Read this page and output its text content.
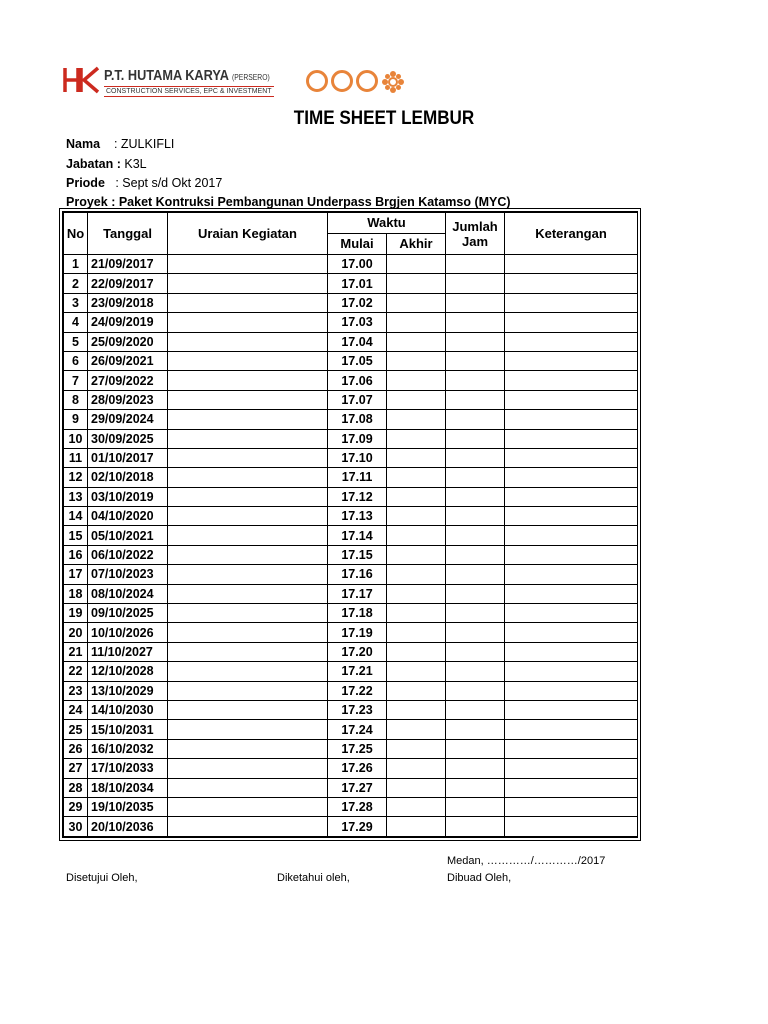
P.T. HUTAMA KARYA (PERSERO)
CONSTRUCTION SERVICES, EPC & INVESTMENT
TIME SHEET LEMBUR
Nama : ZULKIFLI
Jabatan : K3L
Priode : Sept s/d Okt 2017
Proyek : Paket Kontruksi Pembangunan Underpass Brgjen Katamso (MYC)
No	Tanggal	Uraian Kegiatan	Waktu		Jumlah Jam	Keterangan
			Mulai	Akhir		
1	21/09/2017		17.00			
2	22/09/2017		17.01			
3	23/09/2018		17.02			
4	24/09/2019		17.03			
5	25/09/2020		17.04			
6	26/09/2021		17.05			
7	27/09/2022		17.06			
8	28/09/2023		17.07			
9	29/09/2024		17.08			
10	30/09/2025		17.09			
11	01/10/2017		17.10			
12	02/10/2018		17.11			
13	03/10/2019		17.12			
14	04/10/2020		17.13			
15	05/10/2021		17.14			
16	06/10/2022		17.15			
17	07/10/2023		17.16			
18	08/10/2024		17.17			
19	09/10/2025		17.18			
20	10/10/2026		17.19			
21	11/10/2027		17.20			
22	12/10/2028		17.21			
23	13/10/2029		17.22			
24	14/10/2030		17.23			
25	15/10/2031		17.24			
26	16/10/2032		17.25			
27	17/10/2033		17.26			
28	18/10/2034		17.27			
29	19/10/2035		17.28			
30	20/10/2036		17.29			
Medan, …………/…………/2017
Disetujui Oleh,	Diketahui oleh,	Dibuad Oleh,
